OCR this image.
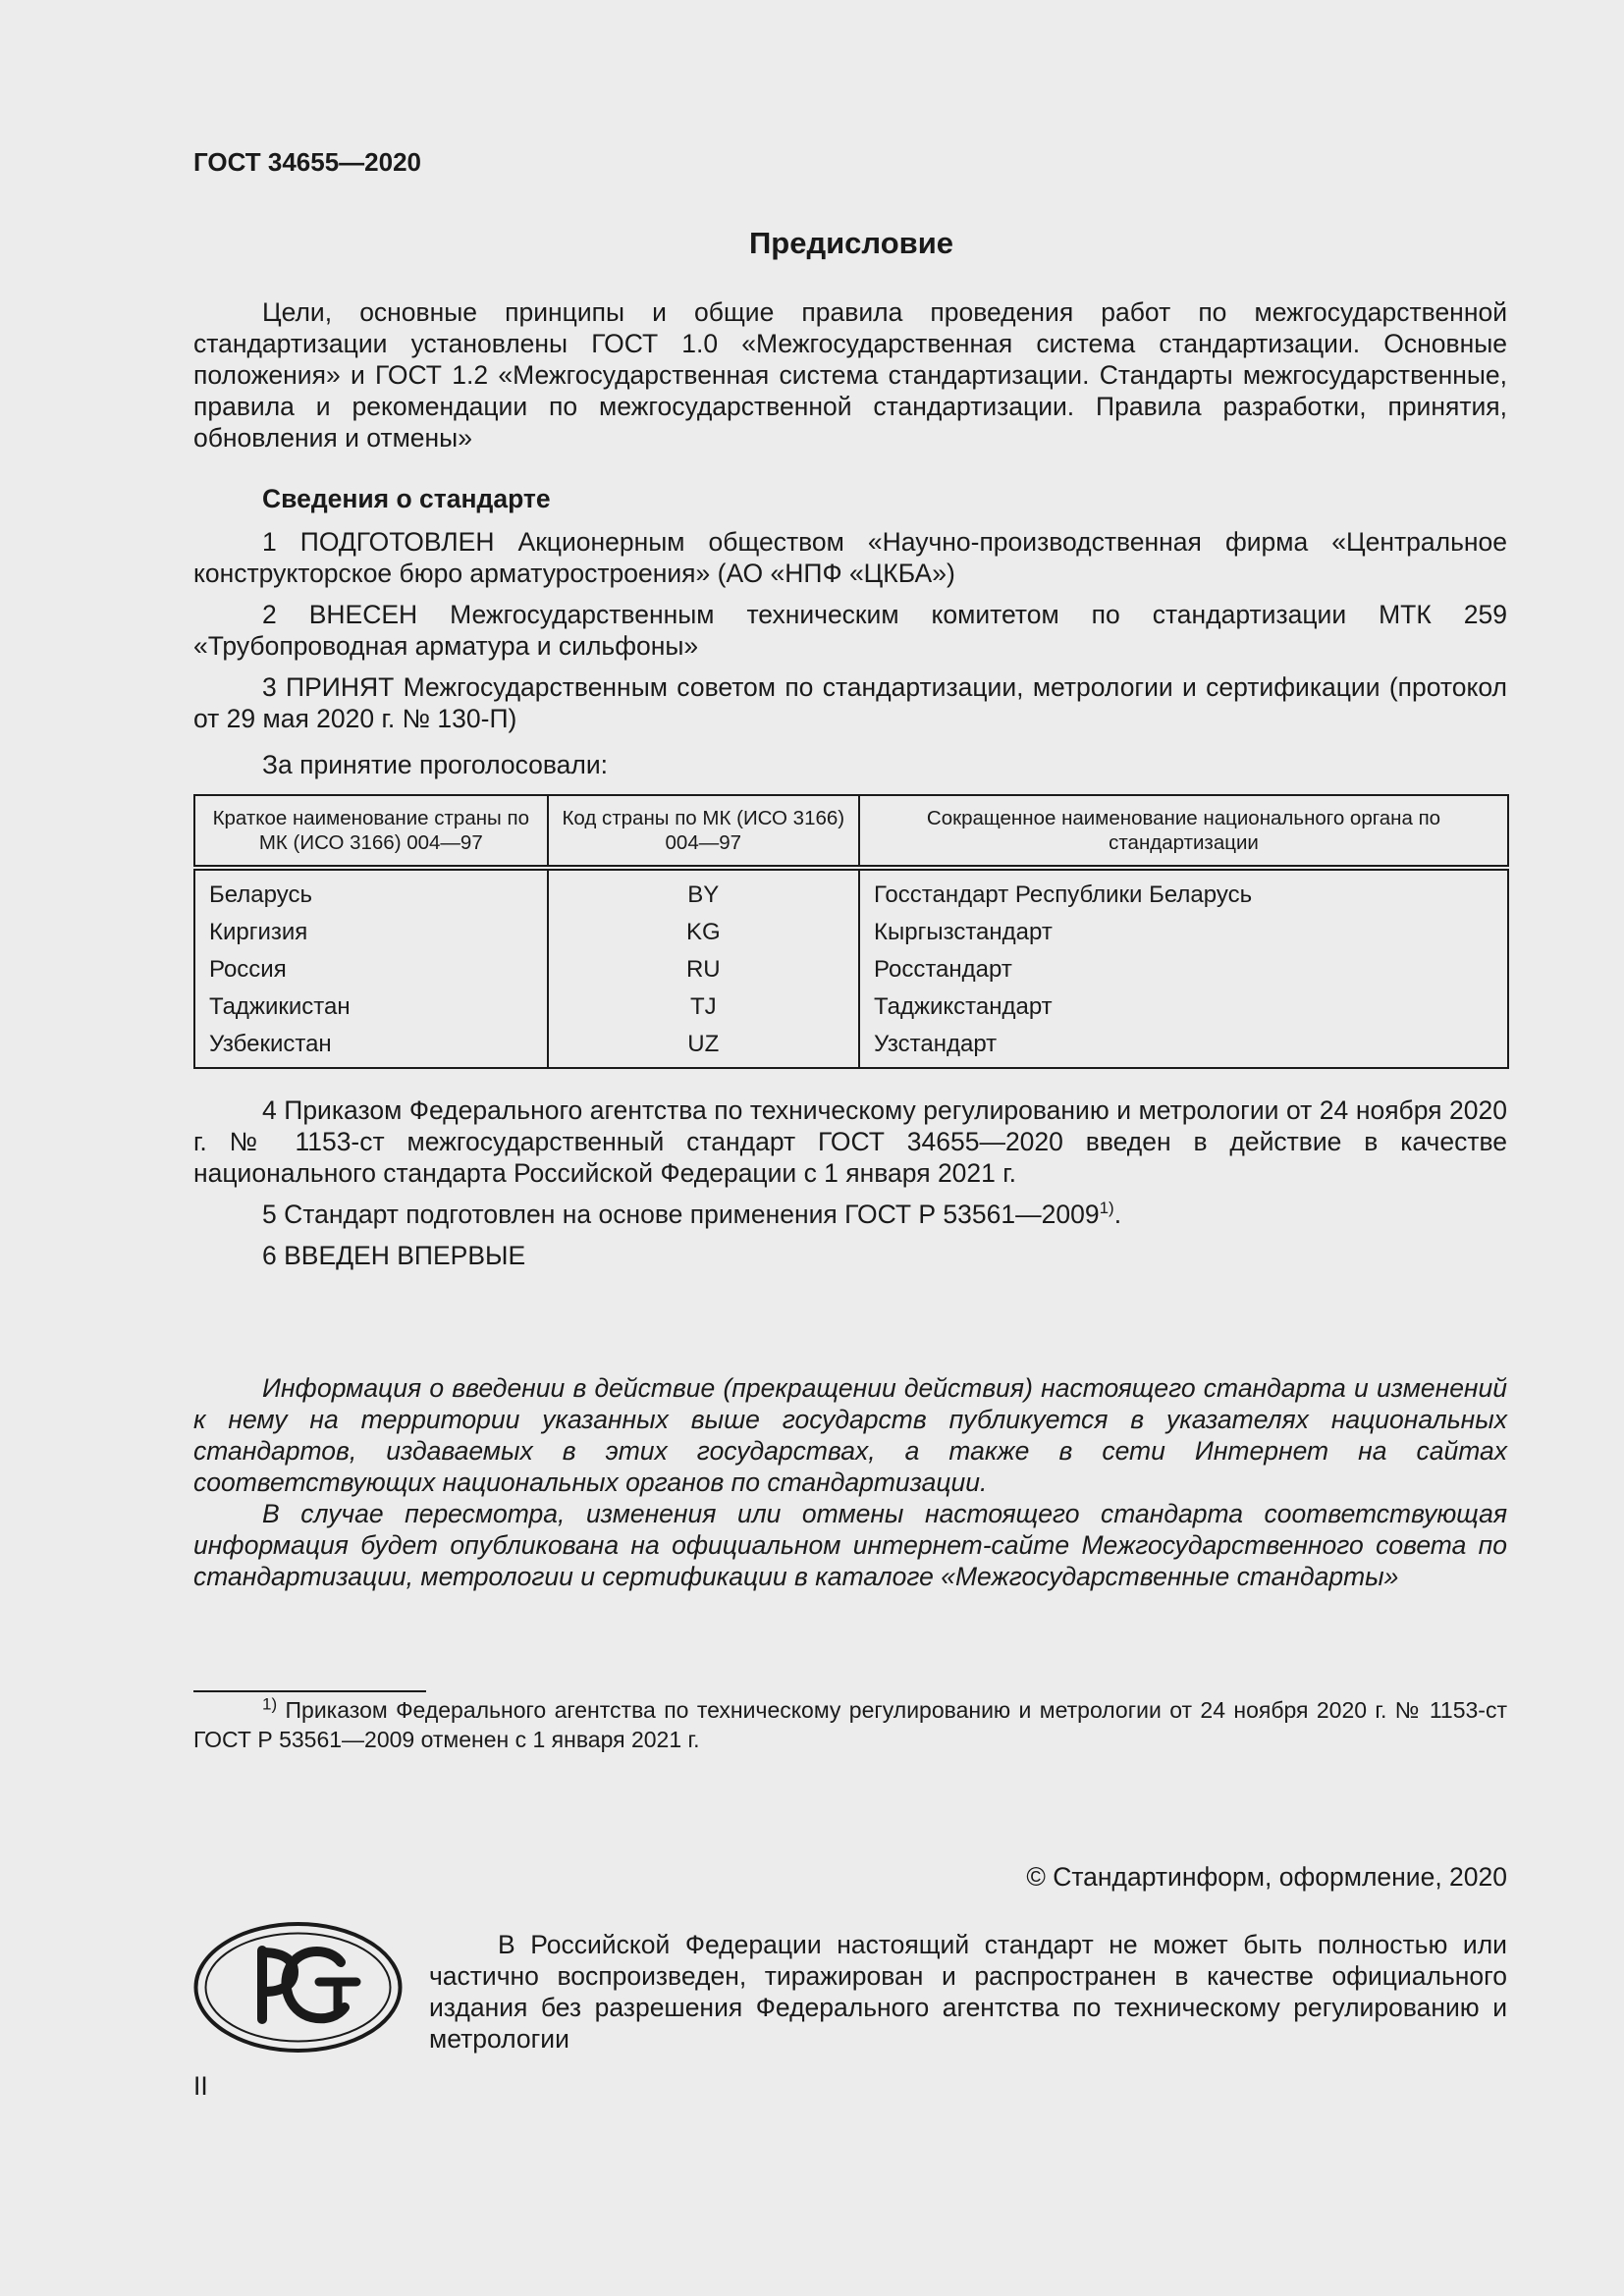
ГОСТ 34655—2020
Предисловие

Цели, основные принципы и общие правила проведения работ по межгосударственной стандартизации установлены ГОСТ 1.0 «Межгосударственная система стандартизации. Основные положения» и ГОСТ 1.2 «Межгосударственная система стандартизации. Стандарты межгосударственные, правила и рекомендации по межгосударственной стандартизации. Правила разработки, принятия, обновления и отмены»

Сведения о стандарте

1 ПОДГОТОВЛЕН Акционерным обществом «Научно-производственная фирма «Центральное конструкторское бюро арматуростроения» (АО «НПФ «ЦКБА»)

2 ВНЕСЕН Межгосударственным техническим комитетом по стандартизации МТК 259 «Трубопроводная арматура и сильфоны»

3 ПРИНЯТ Межгосударственным советом по стандартизации, метрологии и сертификации (протокол от 29 мая 2020 г. № 130-П)

За принятие проголосовали:
Краткое наименование страны по МК (ИСО 3166) 004—97	Код страны по МК (ИСО 3166) 004—97	Сокращенное наименование национального органа по стандартизации
Беларусь	BY	Госстандарт Республики Беларусь
Киргизия	KG	Кыргызстандарт
Россия	RU	Росстандарт
Таджикистан	TJ	Таджикстандарт
Узбекистан	UZ	Узстандарт

4 Приказом Федерального агентства по техническому регулированию и метрологии от 24 ноября 2020 г. № 1153-ст межгосударственный стандарт ГОСТ 34655—2020 введен в действие в качестве национального стандарта Российской Федерации с 1 января 2021 г.

5 Стандарт подготовлен на основе применения ГОСТ Р 53561—2009$^{1)}$.

6 ВВЕДЕН ВПЕРВЫЕ

Информация о введении в действие (прекращении действия) настоящего стандарта и изменений к нему на территории указанных выше государств публикуется в указателях национальных стандартов, издаваемых в этих государствах, а также в сети Интернет на сайтах соответствующих национальных органов по стандартизации.

В случае пересмотра, изменения или отмены настоящего стандарта соответствующая информация будет опубликована на официальном интернет-сайте Межгосударственного совета по стандартизации, метрологии и сертификации в каталоге «Межгосударственные стандарты»

$^{1)}$ Приказом Федерального агентства по техническому регулированию и метрологии от 24 ноября 2020 г. № 1153-ст ГОСТ Р 53561—2009 отменен с 1 января 2021 г.
© Стандартинформ, оформление, 2020
В Российской Федерации настоящий стандарт не может быть полностью или частично воспроизведен, тиражирован и распространен в качестве официального издания без разрешения Федерального агентства по техническому регулированию и метрологии
II
